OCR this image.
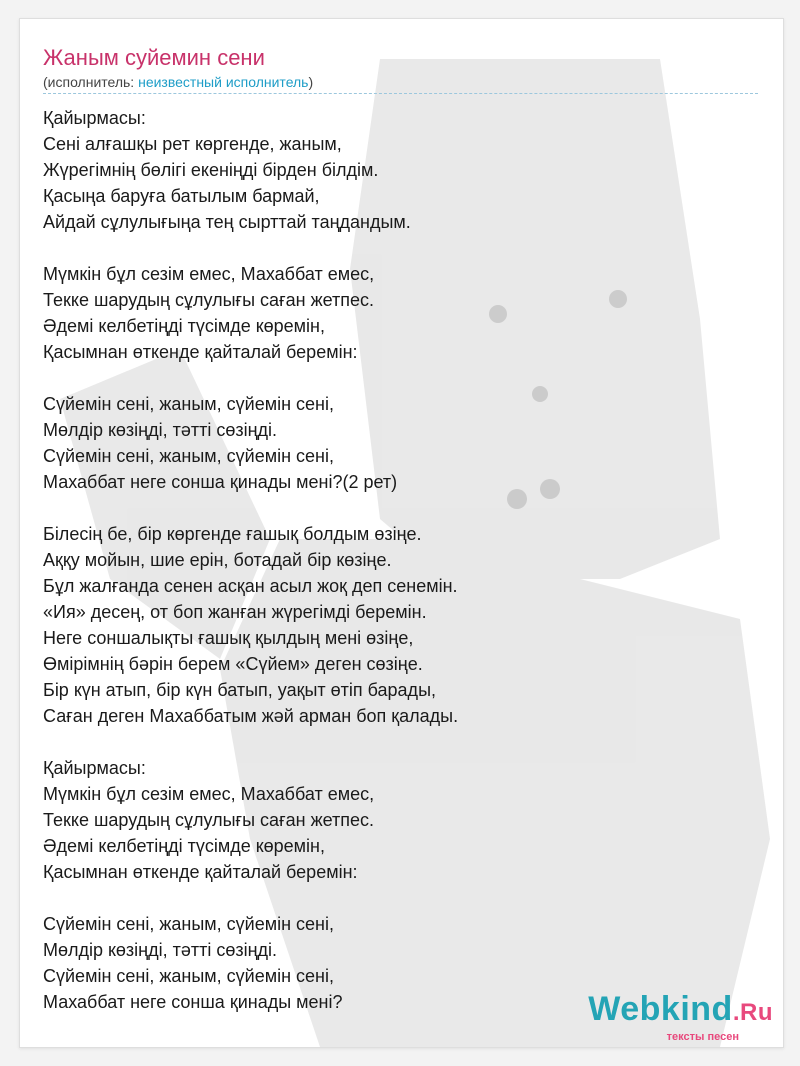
Жаным суйемин сени
(исполнитель: неизвестный исполнитель)
Қайырмасы:
Сені алғашқы рет көргенде, жаным,
Жүрегімнің бөлігі екеніңді бірден білдім.
Қасыңа баруға батылым бармай,
Айдай сұлулығыңа тең сырттай таңдандым.
Мүмкін бұл сезім емес, Махаббат емес,
Текке шарудың сұлулығы саған жетпес.
Әдемі келбетіңді түсімде көремін,
Қасымнан өткенде қайталай беремін:
Сүйемін сені, жаным, сүйемін сені,
Мөлдір көзіңді, тәтті сөзіңді.
Сүйемін сені, жаным, сүйемін сені,
Махаббат неге сонша қинады мені?(2 рет)
Білесің бе, бір көргенде ғашық болдым өзіңе.
Аққу мойын, шие ерін, ботадай бір көзіңе.
Бұл жалғанда сенен асқан асыл жоқ деп сенемін.
«Ия» десең, от боп жанған жүрегімді беремін.
Неге соншалықты ғашық қылдың мені өзіңе,
Өмірімнің бәрін берем «Сүйем» деген сөзіңе.
Бір күн атып, бір күн батып, уақыт өтіп барады,
Саған деген Махаббатым жәй арман боп қалады.
Қайырмасы:
Мүмкін бұл сезім емес, Махаббат емес,
Текке шарудың сұлулығы саған жетпес.
Әдемі келбетіңді түсімде көремін,
Қасымнан өткенде қайталай беремін:
Сүйемін сені, жаным, сүйемін сені,
Мөлдір көзіңді, тәтті сөзіңді.
Сүйемін сені, жаным, сүйемін сені,
Махаббат неге сонша қинады мені?	Webkind.Ru
тексты песен
